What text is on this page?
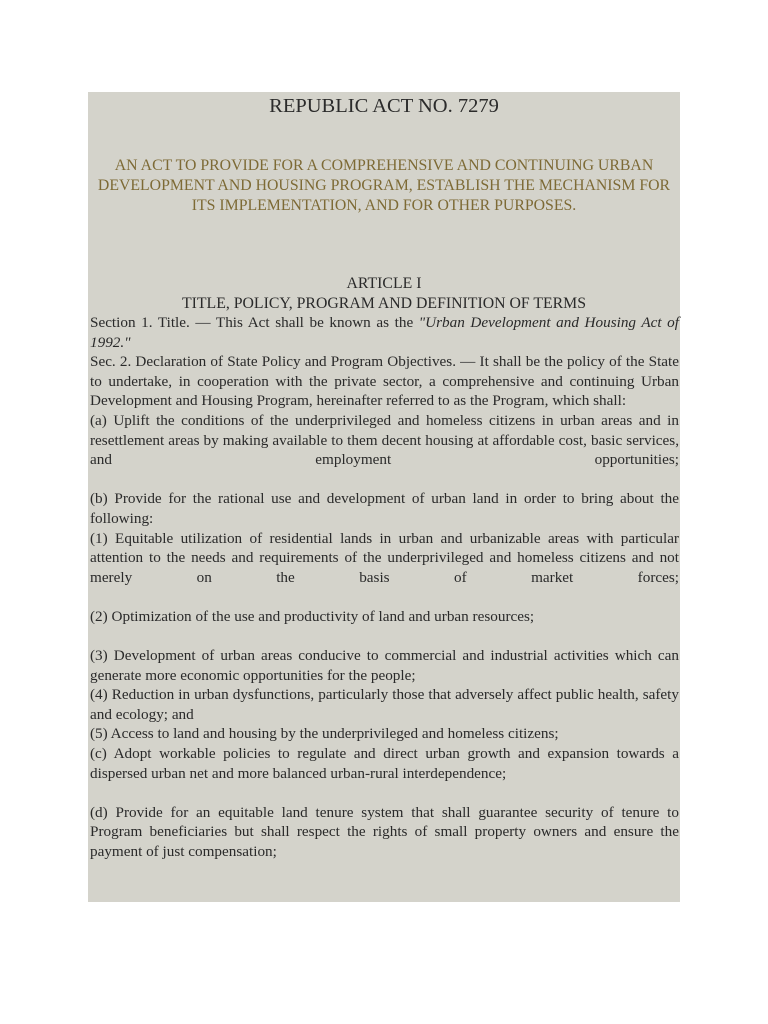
REPUBLIC ACT NO. 7279

AN ACT TO PROVIDE FOR A COMPREHENSIVE AND CONTINUING URBAN DEVELOPMENT AND HOUSING PROGRAM, ESTABLISH THE MECHANISM FOR ITS IMPLEMENTATION, AND FOR OTHER PURPOSES.

ARTICLE I
TITLE, POLICY, PROGRAM AND DEFINITION OF TERMS

Section 1. Title. — This Act shall be known as the "Urban Development and Housing Act of 1992."

Sec. 2. Declaration of State Policy and Program Objectives. — It shall be the policy of the State to undertake, in cooperation with the private sector, a comprehensive and continuing Urban Development and Housing Program, hereinafter referred to as the Program, which shall:

(a) Uplift the conditions of the underprivileged and homeless citizens in urban areas and in resettlement areas by making available to them decent housing at affordable cost, basic services, and employment opportunities;

(b) Provide for the rational use and development of urban land in order to bring about the following:

(1) Equitable utilization of residential lands in urban and urbanizable areas with particular attention to the needs and requirements of the underprivileged and homeless citizens and not merely on the basis of market forces;

(2) Optimization of the use and productivity of land and urban resources;

(3) Development of urban areas conducive to commercial and industrial activities which can generate more economic opportunities for the people;

(4) Reduction in urban dysfunctions, particularly those that adversely affect public health, safety and ecology; and

(5) Access to land and housing by the underprivileged and homeless citizens;

(c) Adopt workable policies to regulate and direct urban growth and expansion towards a dispersed urban net and more balanced urban-rural interdependence;

(d) Provide for an equitable land tenure system that shall guarantee security of tenure to Program beneficiaries but shall respect the rights of small property owners and ensure the payment of just compensation;
